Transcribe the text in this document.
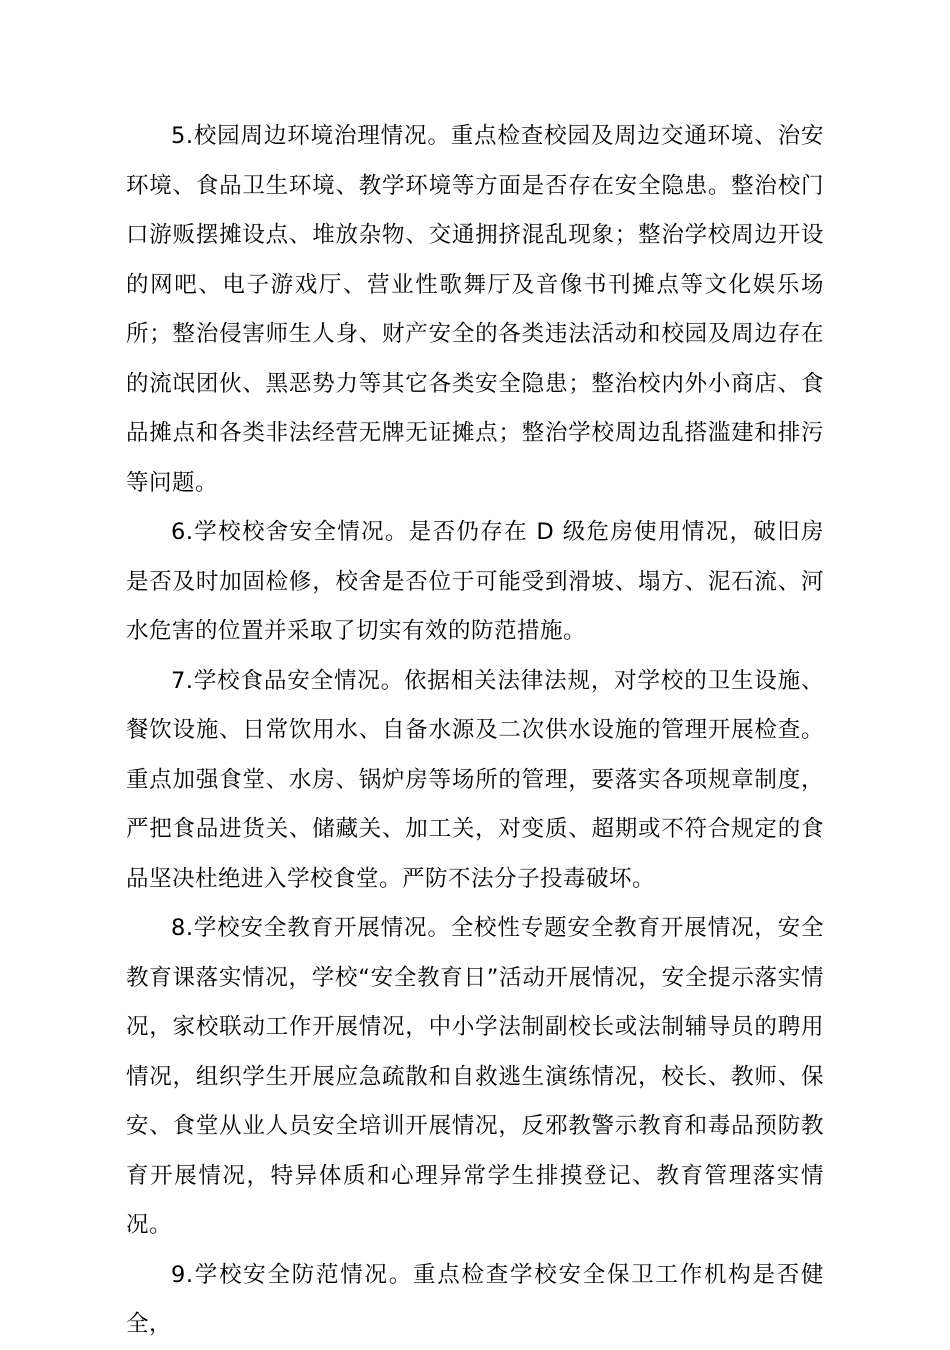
5.校园周边环境治理情况。重点检查校园及周边交通环境、治安环境、食品卫生环境、教学环境等方面是否存在安全隐患。整治校门口游贩摆摊设点、堆放杂物、交通拥挤混乱现象；整治学校周边开设的网吧、电子游戏厅、营业性歌舞厅及音像书刊摊点等文化娱乐场所；整治侵害师生人身、财产安全的各类违法活动和校园及周边存在的流氓团伙、黑恶势力等其它各类安全隐患；整治校内外小商店、食品摊点和各类非法经营无牌无证摊点；整治学校周边乱搭滥建和排污等问题。

6.学校校舍安全情况。是否仍存在 D 级危房使用情况，破旧房是否及时加固检修，校舍是否位于可能受到滑坡、塌方、泥石流、河水危害的位置并采取了切实有效的防范措施。

7.学校食品安全情况。依据相关法律法规，对学校的卫生设施、餐饮设施、日常饮用水、自备水源及二次供水设施的管理开展检查。重点加强食堂、水房、锅炉房等场所的管理，要落实各项规章制度，严把食品进货关、储藏关、加工关，对变质、超期或不符合规定的食品坚决杜绝进入学校食堂。严防不法分子投毒破坏。

8.学校安全教育开展情况。全校性专题安全教育开展情况，安全教育课落实情况，学校“安全教育日”活动开展情况，安全提示落实情况，家校联动工作开展情况，中小学法制副校长或法制辅导员的聘用情况，组织学生开展应急疏散和自救逃生演练情况，校长、教师、保安、食堂从业人员安全培训开展情况，反邪教警示教育和毒品预防教育开展情况，特异体质和心理异常学生排摸登记、教育管理落实情况。

9.学校安全防范情况。重点检查学校安全保卫工作机构是否健全，
